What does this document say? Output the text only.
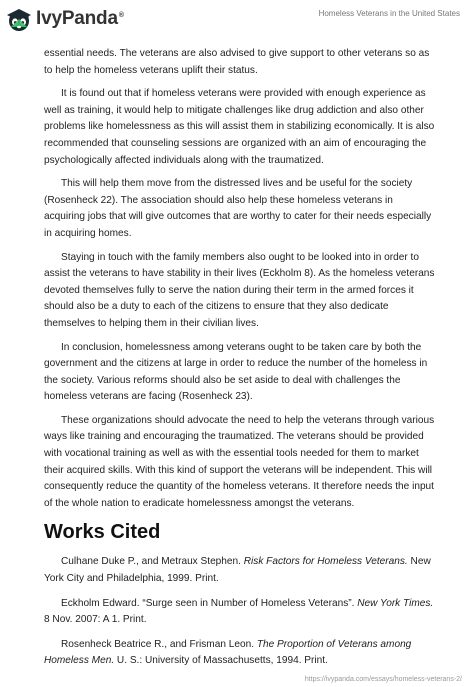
IvyPanda®	Homeless Veterans in the United States

essential needs. The veterans are also advised to give support to other veterans so as to help the homeless veterans uplift their status.

It is found out that if homeless veterans were provided with enough experience as well as training, it would help to mitigate challenges like drug addiction and also other problems like homelessness as this will assist them in stabilizing economically. It is also recommended that counseling sessions are organized with an aim of encouraging the psychologically affected individuals along with the traumatized.

This will help them move from the distressed lives and be useful for the society (Rosenheck 22). The association should also help these homeless veterans in acquiring jobs that will give outcomes that are worthy to cater for their needs especially in acquiring homes.

Staying in touch with the family members also ought to be looked into in order to assist the veterans to have stability in their lives (Eckholm 8). As the homeless veterans devoted themselves fully to serve the nation during their term in the armed forces it should also be a duty to each of the citizens to ensure that they also dedicate themselves to helping them in their civilian lives.

In conclusion, homelessness among veterans ought to be taken care by both the government and the citizens at large in order to reduce the number of the homeless in the society. Various reforms should also be set aside to deal with challenges the homeless veterans are facing (Rosenheck 23).

These organizations should advocate the need to help the veterans through various ways like training and encouraging the traumatized. The veterans should be provided with vocational training as well as with the essential tools needed for them to market their acquired skills. With this kind of support the veterans will be independent. This will consequently reduce the quantity of the homeless veterans. It therefore needs the input of the whole nation to eradicate homelessness amongst the veterans.

Works Cited

Culhane Duke P., and Metraux Stephen. Risk Factors for Homeless Veterans. New York City and Philadelphia, 1999. Print.

Eckholm Edward. “Surge seen in Number of Homeless Veterans”. New York Times. 8 Nov. 2007: A 1. Print.

Rosenheck Beatrice R., and Frisman Leon. The Proportion of Veterans among Homeless Men. U. S.: University of Massachusetts, 1994. Print.

https://ivypanda.com/essays/homeless-veterans-2/
